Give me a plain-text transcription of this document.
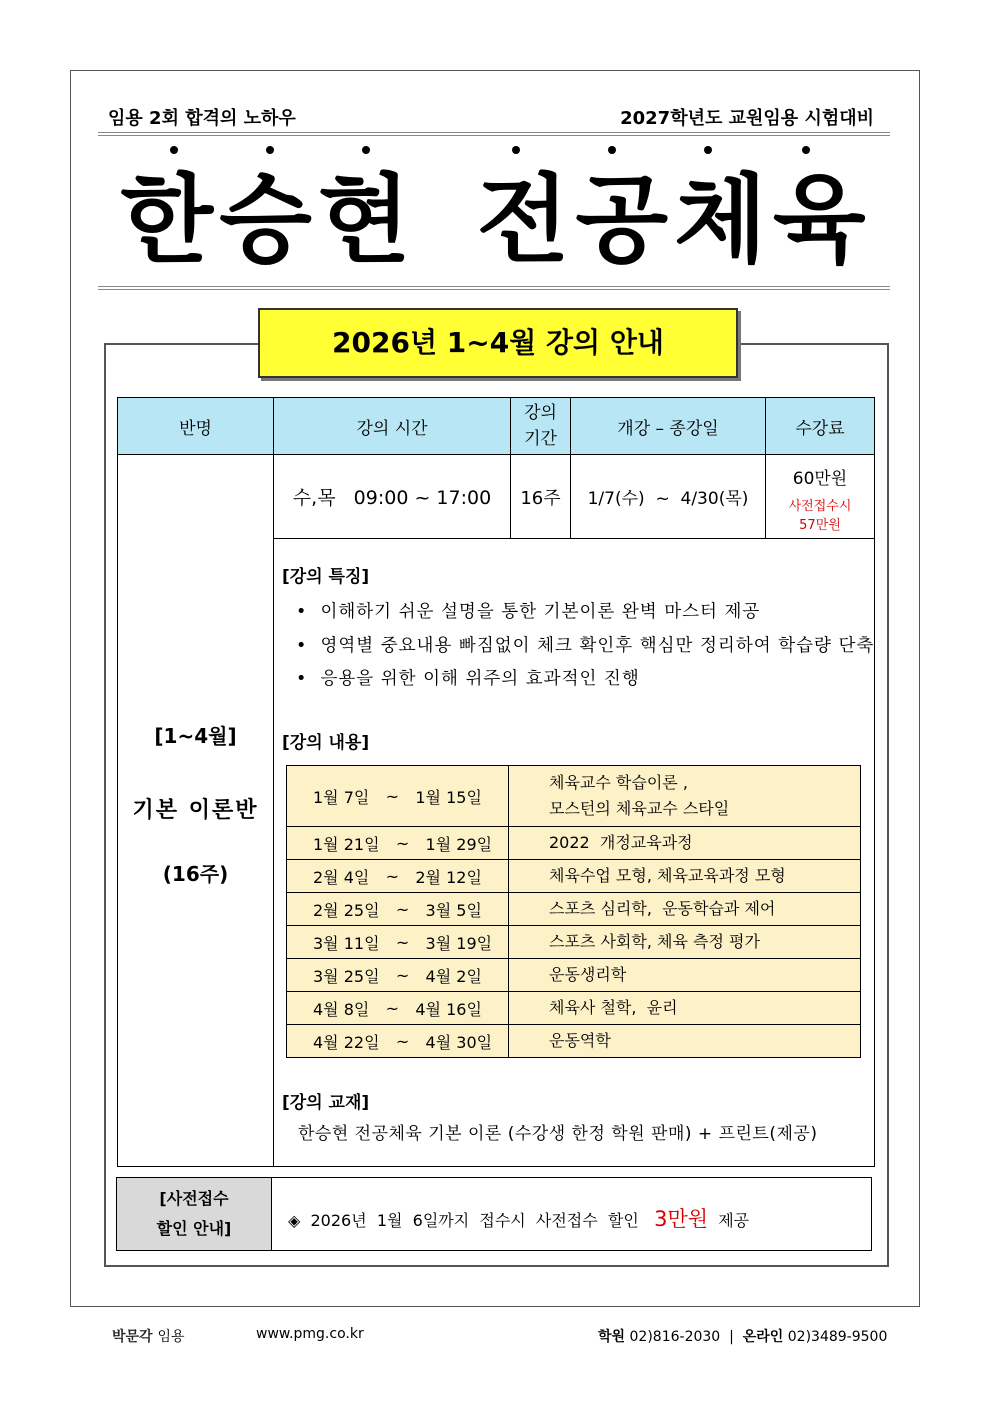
임용 2회 합격의 노하우	2027학년도 교원임용 시험대비
한승현 전공체육
2026년 1~4월 강의 안내
반명	강의 시간
강의
기간
개강 – 종강일	수강료
수,목   09:00 ~ 17:00	16주	1/7(수)  ~  4/30(목)
60만원
사전접수시
57만원
[1~4월]
기본 이론반
(16주)
[강의 특징]
•  이해하기 쉬운 설명을 통한 기본이론 완벽 마스터 제공
•  영역별 중요내용 빠짐없이 체크 확인후 핵심만 정리하여 학습량 단축
•  응용을 위한 이해 위주의 효과적인 진행
[강의 내용]
1월 7일	~	1월 15일
체육교수 학습이론 ,
모스턴의 체육교수 스타일
1월 21일	~	1월 29일	2022  개정교육과정
2월 4일	~	2월 12일	체육수업 모형, 체육교육과정 모형
2월 25일	~	3월 5일	스포츠 심리학,  운동학습과 제어
3월 11일	~	3월 19일	스포츠 사회학, 체육 측정 평가
3월 25일	~	4월 2일	운동생리학
4월 8일	~	4월 16일	체육사 철학,  윤리
4월 22일	~	4월 30일	운동역학
[강의 교재]
한승현 전공체육 기본 이론 (수강생 한정 학원 판매) + 프린트(제공)
[사전접수
할인 안내]	◈ 2026년  1월  6일까지  접수시  사전접수  할인 3만원 제공
박문각 임용	www.pmg.co.kr	학원 02)816-2030 | 온라인 02)3489-9500
